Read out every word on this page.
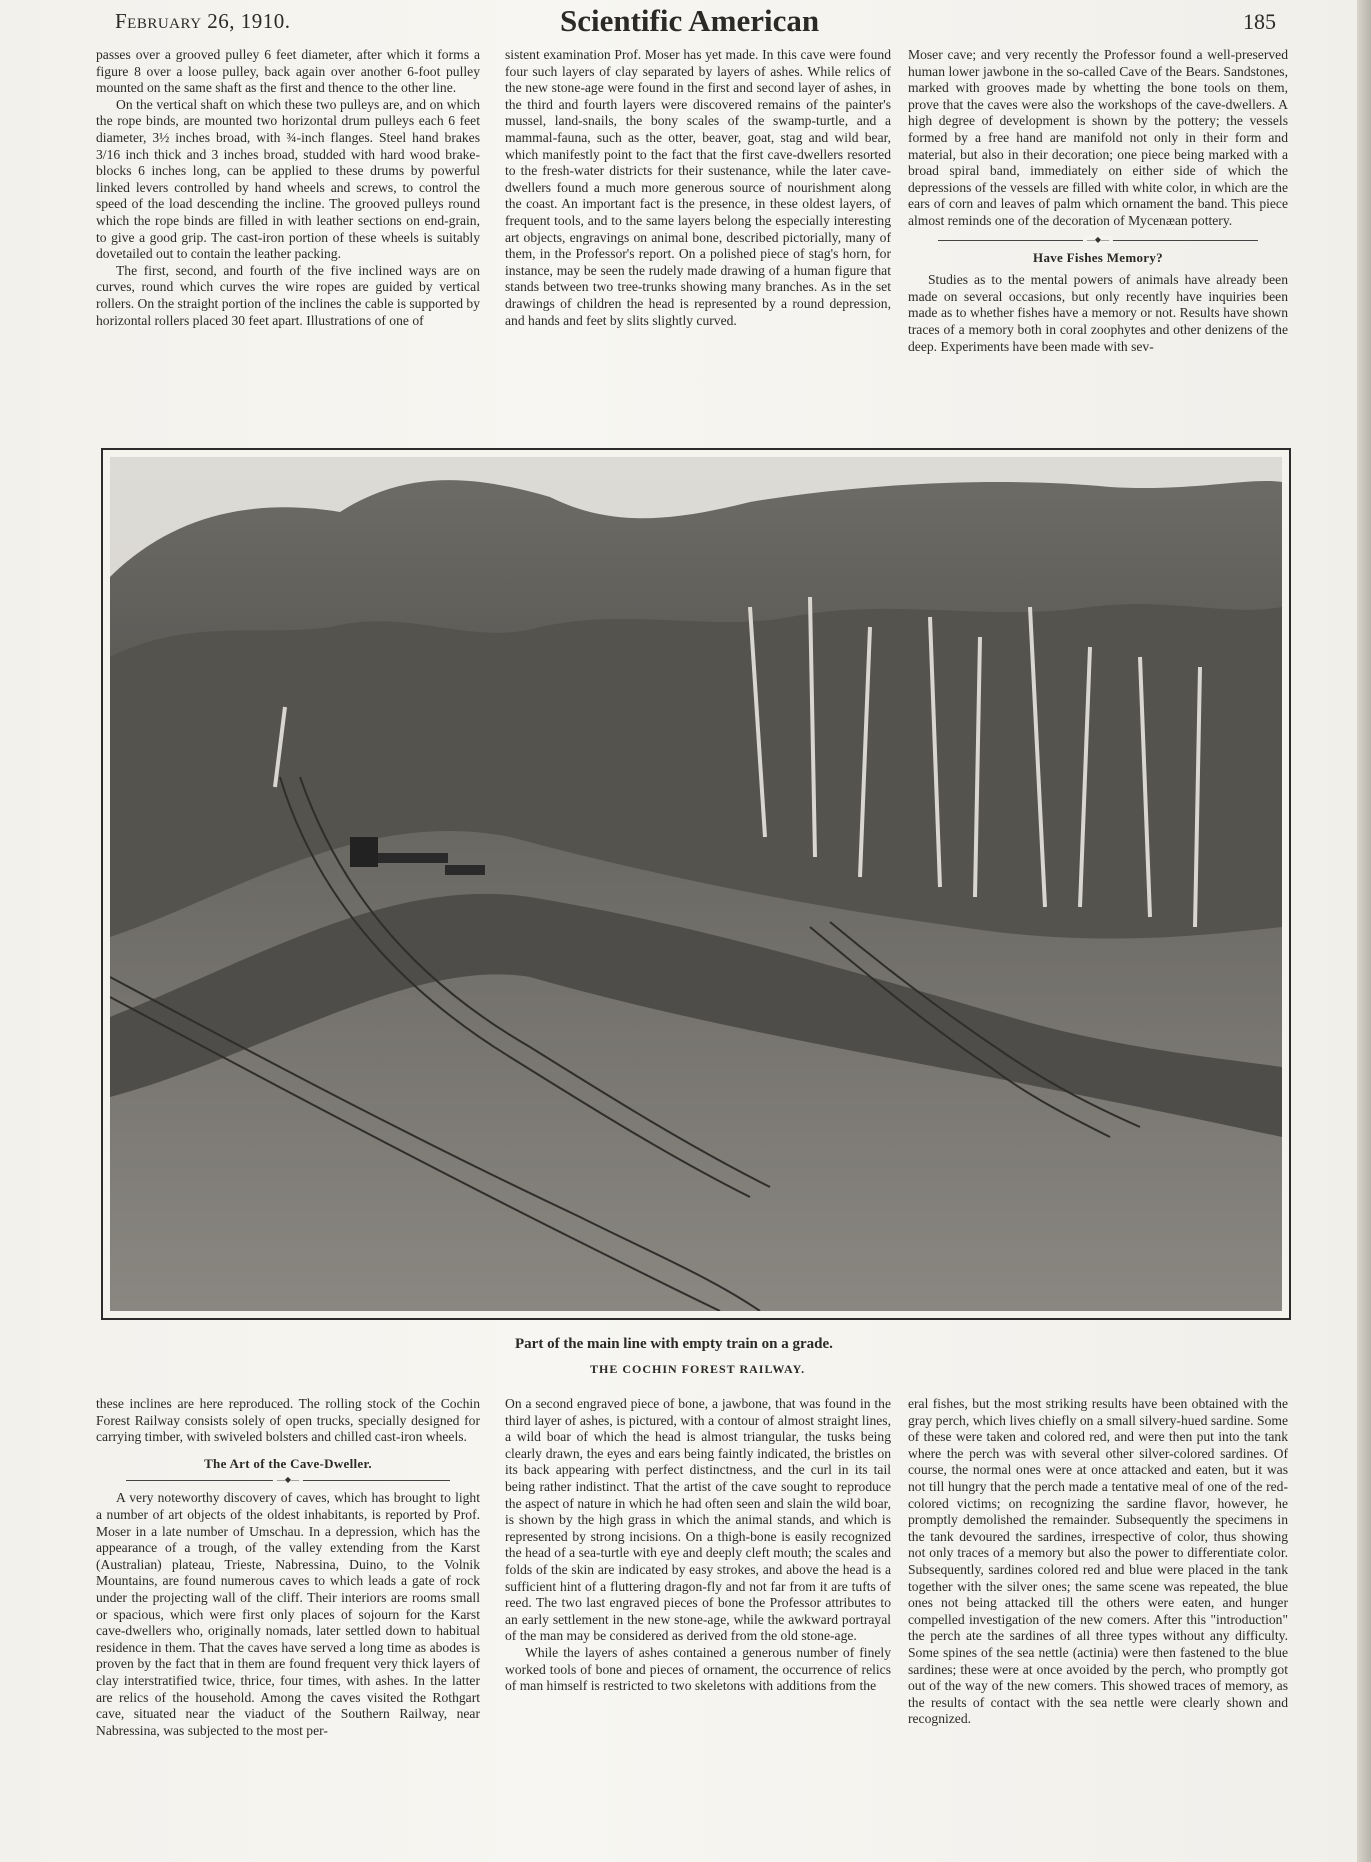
February 26, 1910.	Scientific American	185

passes over a grooved pulley 6 feet diameter, after which it forms a figure 8 over a loose pulley, back again over another 6-foot pulley mounted on the same shaft as the first and thence to the other line.

On the vertical shaft on which these two pulleys are, and on which the rope binds, are mounted two horizontal drum pulleys each 6 feet diameter, 3½ inches broad, with ¾-inch flanges. Steel hand brakes 3/16 inch thick and 3 inches broad, studded with hard wood brake-blocks 6 inches long, can be applied to these drums by powerful linked levers controlled by hand wheels and screws, to control the speed of the load descending the incline. The grooved pulleys round which the rope binds are filled in with leather sections on end-grain, to give a good grip. The cast-iron portion of these wheels is suitably dovetailed out to contain the leather packing.

The first, second, and fourth of the five inclined ways are on curves, round which curves the wire ropes are guided by vertical rollers. On the straight portion of the inclines the cable is supported by horizontal rollers placed 30 feet apart. Illustrations of one of

sistent examination Prof. Moser has yet made. In this cave were found four such layers of clay separated by layers of ashes. While relics of the new stone-age were found in the first and second layer of ashes, in the third and fourth layers were discovered remains of the painter's mussel, land-snails, the bony scales of the swamp-turtle, and a mammal-fauna, such as the otter, beaver, goat, stag and wild bear, which manifestly point to the fact that the first cave-dwellers resorted to the fresh-water districts for their sustenance, while the later cave-dwellers found a much more generous source of nourishment along the coast. An important fact is the presence, in these oldest layers, of frequent tools, and to the same layers belong the especially interesting art objects, engravings on animal bone, described pictorially, many of them, in the Professor's report. On a polished piece of stag's horn, for instance, may be seen the rudely made drawing of a human figure that stands between two tree-trunks showing many branches. As in the set drawings of children the head is represented by a round depression, and hands and feet by slits slightly curved.

Moser cave; and very recently the Professor found a well-preserved human lower jawbone in the so-called Cave of the Bears. Sandstones, marked with grooves made by whetting the bone tools on them, prove that the caves were also the workshops of the cave-dwellers. A high degree of development is shown by the pottery; the vessels formed by a free hand are manifold not only in their form and material, but also in their decoration; one piece being marked with a broad spiral band, immediately on either side of which the depressions of the vessels are filled with white color, in which are the ears of corn and leaves of palm which ornament the band. This piece almost reminds one of the decoration of Mycenæan pottery.

—◆—
Have Fishes Memory?

Studies as to the mental powers of animals have already been made on several occasions, but only recently have inquiries been made as to whether fishes have a memory or not. Results have shown traces of a memory both in coral zoophytes and other denizens of the deep. Experiments have been made with sev-

Part of the main line with empty train on a grade.
THE COCHIN FOREST RAILWAY.

these inclines are here reproduced. The rolling stock of the Cochin Forest Railway consists solely of open trucks, specially designed for carrying timber, with swiveled bolsters and chilled cast-iron wheels.

The Art of the Cave-Dweller.
—◆—

A very noteworthy discovery of caves, which has brought to light a number of art objects of the oldest inhabitants, is reported by Prof. Moser in a late number of Umschau. In a depression, which has the appearance of a trough, of the valley extending from the Karst (Australian) plateau, Trieste, Nabressina, Duino, to the Volnik Mountains, are found numerous caves to which leads a gate of rock under the projecting wall of the cliff. Their interiors are rooms small or spacious, which were first only places of sojourn for the Karst cave-dwellers who, originally nomads, later settled down to habitual residence in them. That the caves have served a long time as abodes is proven by the fact that in them are found frequent very thick layers of clay interstratified twice, thrice, four times, with ashes. In the latter are relics of the household. Among the caves visited the Rothgart cave, situated near the viaduct of the Southern Railway, near Nabressina, was subjected to the most per-

On a second engraved piece of bone, a jawbone, that was found in the third layer of ashes, is pictured, with a contour of almost straight lines, a wild boar of which the head is almost triangular, the tusks being clearly drawn, the eyes and ears being faintly indicated, the bristles on its back appearing with perfect distinctness, and the curl in its tail being rather indistinct. That the artist of the cave sought to reproduce the aspect of nature in which he had often seen and slain the wild boar, is shown by the high grass in which the animal stands, and which is represented by strong incisions. On a thigh-bone is easily recognized the head of a sea-turtle with eye and deeply cleft mouth; the scales and folds of the skin are indicated by easy strokes, and above the head is a sufficient hint of a fluttering dragon-fly and not far from it are tufts of reed. The two last engraved pieces of bone the Professor attributes to an early settlement in the new stone-age, while the awkward portrayal of the man may be considered as derived from the old stone-age.

While the layers of ashes contained a generous number of finely worked tools of bone and pieces of ornament, the occurrence of relics of man himself is restricted to two skeletons with additions from the

eral fishes, but the most striking results have been obtained with the gray perch, which lives chiefly on a small silvery-hued sardine. Some of these were taken and colored red, and were then put into the tank where the perch was with several other silver-colored sardines. Of course, the normal ones were at once attacked and eaten, but it was not till hungry that the perch made a tentative meal of one of the red-colored victims; on recognizing the sardine flavor, however, he promptly demolished the remainder. Subsequently the specimens in the tank devoured the sardines, irrespective of color, thus showing not only traces of a memory but also the power to differentiate color. Subsequently, sardines colored red and blue were placed in the tank together with the silver ones; the same scene was repeated, the blue ones not being attacked till the others were eaten, and hunger compelled investigation of the new comers. After this "introduction" the perch ate the sardines of all three types without any difficulty. Some spines of the sea nettle (actinia) were then fastened to the blue sardines; these were at once avoided by the perch, who promptly got out of the way of the new comers. This showed traces of memory, as the results of contact with the sea nettle were clearly shown and recognized.
